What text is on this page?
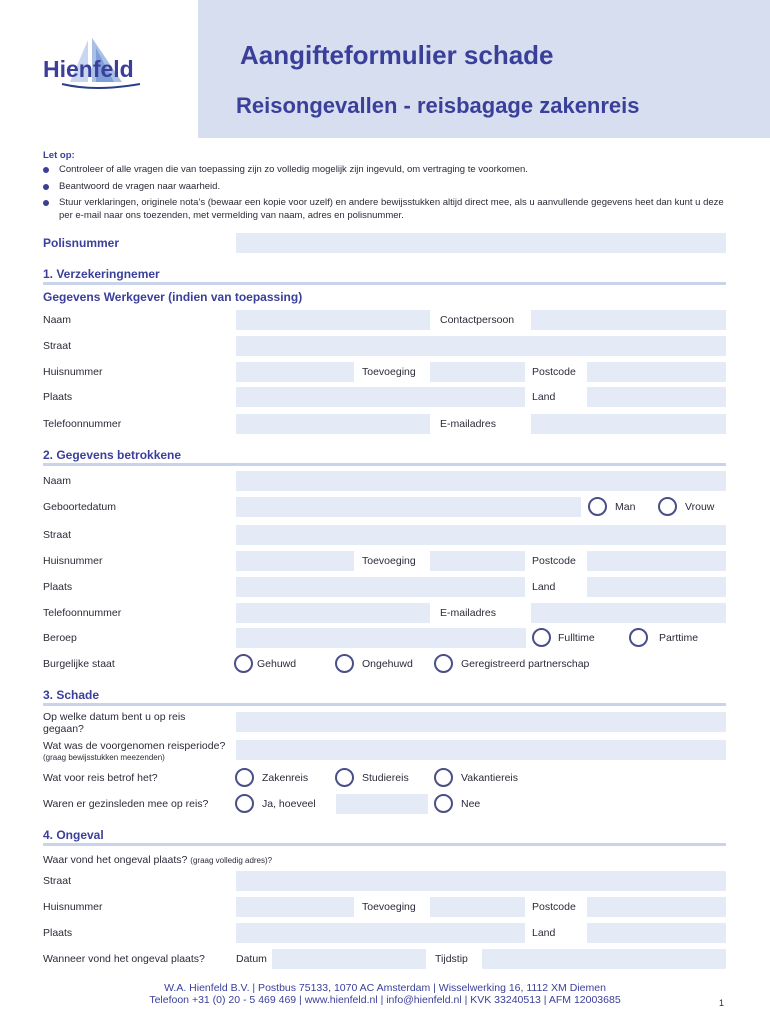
Hienfeld	Aangifteformulier schade
Reisongevallen - reisbagage zakenreis
Let op:
Controleer of alle vragen die van toepassing zijn zo volledig mogelijk zijn ingevuld, om vertraging te voorkomen.
Beantwoord de vragen naar waarheid.
Stuur verklaringen, originele nota’s (bewaar een kopie voor uzelf) en andere bewijsstukken altijd direct mee, als u aanvullende gegevens heet dan kunt u deze per e-mail naar ons toezenden, met vermelding van naam, adres en polisnummer.
Polisnummer
1. Verzekeringnemer
Gegevens Werkgever (indien van toepassing)
Naam	Contactpersoon
Straat
Huisnummer	Toevoeging	Postcode
Plaats	Land
Telefoonnummer	E-mailadres
2. Gegevens betrokkene
Naam
Geboortedatum	Man	Vrouw
Straat
Huisnummer	Toevoeging	Postcode
Plaats	Land
Telefoonnummer	E-mailadres
Beroep	Fulltime	Parttime
Burgelijke staat	Gehuwd	Ongehuwd	Geregistreerd partnerschap
3. Schade
Op welke datum bent u op reis
gegaan?
Wat was de voorgenomen reisperiode?
(graag bewijsstukken meezenden)
Wat voor reis betrof het?	Zakenreis	Studiereis	Vakantiereis
Waren er gezinsleden mee op reis?	Ja, hoeveel	Nee
4. Ongeval
Waar vond het ongeval plaats? (graag volledig adres)?
Straat
Huisnummer	Toevoeging	Postcode
Plaats	Land
Wanneer vond het ongeval plaats?	Datum	Tijdstip
W.A. Hienfeld B.V. | Postbus 75133, 1070 AC Amsterdam | Wisselwerking 16, 1112 XM Diemen
Telefoon +31 (0) 20 - 5 469 469 | www.hienfeld.nl | info@hienfeld.nl | KVK 33240513 | AFM 12003685	1
